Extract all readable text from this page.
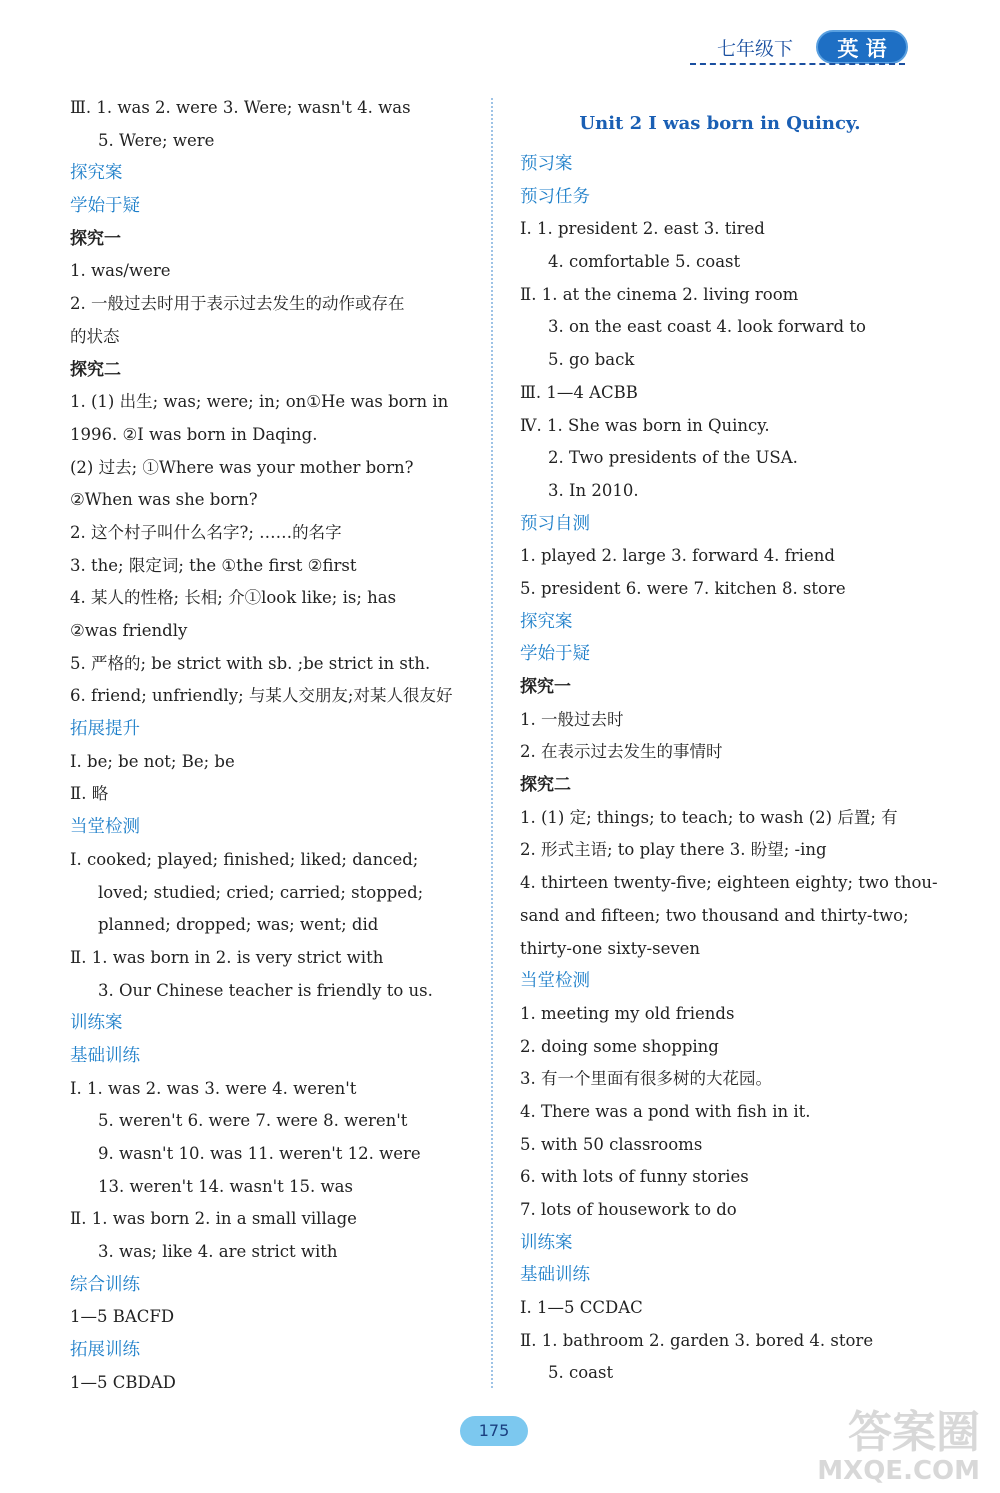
七年级下	英 语
Ⅲ. 1. was 2. were 3. Were; wasn't 4. was
5. Were; were
探究案
学始于疑
探究一
1. was/were
2. 一般过去时用于表示过去发生的动作或存在
的状态
探究二
1. (1) 出生; was; were; in; on①He was born in
1996. ②I was born in Daqing.
(2) 过去; ①Where was your mother born?
②When was she born?
2. 这个村子叫什么名字?; ……的名字
3. the; 限定词; the ①the first ②first
4. 某人的性格; 长相; 介①look like; is; has
②was friendly
5. 严格的; be strict with sb. ;be strict in sth.
6. friend; unfriendly; 与某人交朋友;对某人很友好
拓展提升
Ⅰ. be; be not; Be; be
Ⅱ. 略
当堂检测
Ⅰ. cooked; played; finished; liked; danced;
loved; studied; cried; carried; stopped;
planned; dropped; was; went; did
Ⅱ. 1. was born in 2. is very strict with
3. Our Chinese teacher is friendly to us.
训练案
基础训练
Ⅰ. 1. was 2. was 3. were 4. weren't
5. weren't 6. were 7. were 8. weren't
9. wasn't 10. was 11. weren't 12. were
13. weren't 14. wasn't 15. was
Ⅱ. 1. was born 2. in a small village
3. was; like 4. are strict with
综合训练
1—5 BACFD
拓展训练
1—5 CBDAD
Unit 2 I was born in Quincy.
预习案
预习任务
Ⅰ. 1. president 2. east 3. tired
4. comfortable 5. coast
Ⅱ. 1. at the cinema 2. living room
3. on the east coast 4. look forward to
5. go back
Ⅲ. 1—4 ACBB
Ⅳ. 1. She was born in Quincy.
2. Two presidents of the USA.
3. In 2010.
预习自测
1. played 2. large 3. forward 4. friend
5. president 6. were 7. kitchen 8. store
探究案
学始于疑
探究一
1. 一般过去时
2. 在表示过去发生的事情时
探究二
1. (1) 定; things; to teach; to wash (2) 后置; 有
2. 形式主语; to play there 3. 盼望; -ing
4. thirteen twenty-five; eighteen eighty; two thou-
sand and fifteen; two thousand and thirty-two;
thirty-one sixty-seven
当堂检测
1. meeting my old friends
2. doing some shopping
3. 有一个里面有很多树的大花园。
4. There was a pond with fish in it.
5. with 50 classrooms
6. with lots of funny stories
7. lots of housework to do
训练案
基础训练
Ⅰ. 1—5 CCDAC
Ⅱ. 1. bathroom 2. garden 3. bored 4. store
5. coast
175	答案圈
MXQE.COM
